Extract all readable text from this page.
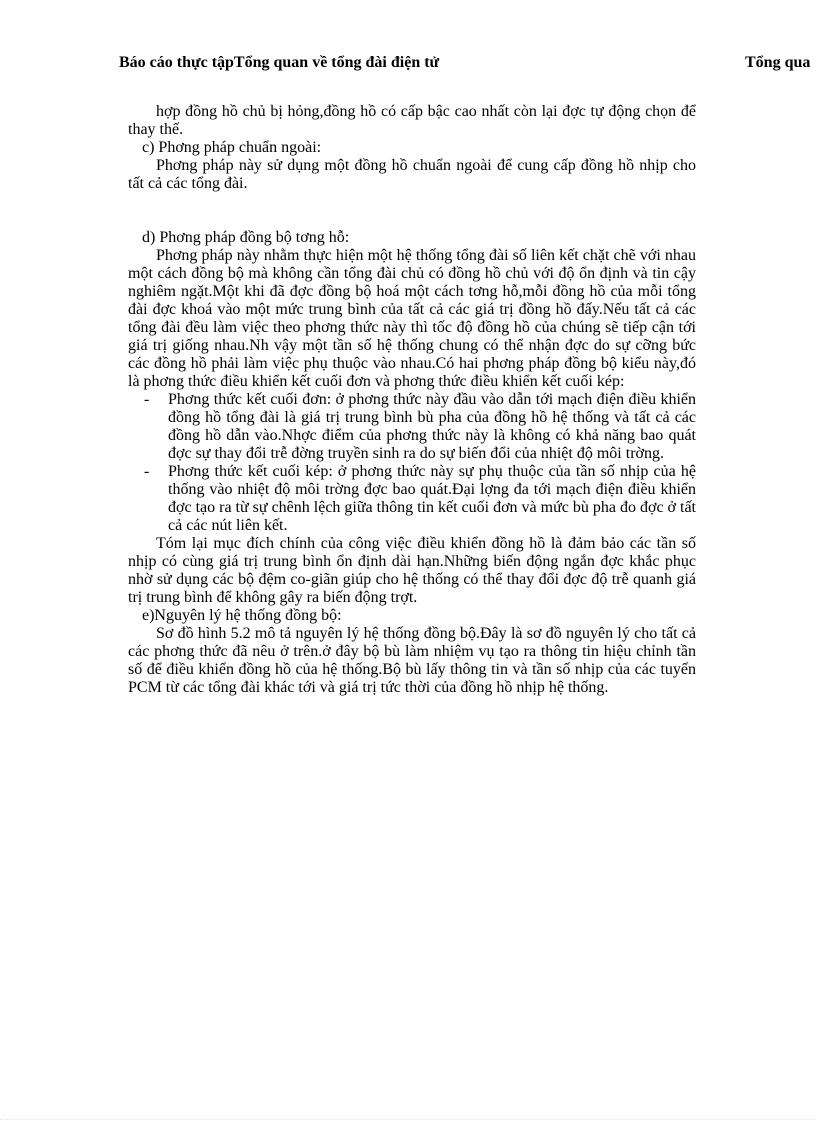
Báo cáo thực tậpTổng quan về tổng đài điện tử	Tổng qua

hợp đồng hồ chủ bị hỏng,đồng hồ có cấp bậc cao nhất còn lại đợc tự động chọn để thay thế.

c) Phơng pháp chuẩn ngoài:

Phơng pháp này sử dụng một đồng hồ chuẩn ngoài để cung cấp đồng hồ nhịp cho tất cả các tổng đài.

d) Phơng pháp đồng bộ tơng hỗ:

Phơng pháp này nhằm thực hiện một hệ thống tổng đài số liên kết chặt chẽ với nhau một cách đồng bộ mà không cần tổng đài chủ có đồng hồ chủ với độ ổn định và tin cậy nghiêm ngặt.Một khi đã đợc đồng bộ hoá một cách tơng hỗ,mỗi đồng hồ của mỗi tổng đài đợc khoá vào một mức trung bình của tất cả các giá trị đồng hồ đấy.Nếu tất cả các tổng đài đều làm việc theo phơng thức này thì tốc độ đồng hồ của chúng sẽ tiếp cận tới giá trị giống nhau.Nh vậy một tần số hệ thống chung có thể nhận đợc do sự cỡng bức các đồng hồ phải làm việc phụ thuộc vào nhau.Có hai phơng pháp đồng bộ kiểu này,đó là phơng thức điều khiển kết cuối đơn và phơng thức điều khiển kết cuối kép:

- Phơng thức kết cuối đơn: ở phơng thức này đầu vào dẫn tới mạch điện điều khiển đồng hồ tổng đài là giá trị trung bình bù pha của đồng hồ hệ thống và tất cả các đồng hồ dẫn vào.Nhợc điểm của phơng thức này là không có khả năng bao quát đợc sự thay đổi trễ đờng truyền sinh ra do sự biến đổi của nhiệt độ môi trờng.
- Phơng thức kết cuối kép: ở phơng thức này sự phụ thuộc của tần số nhịp của hệ thống vào nhiệt độ môi trờng đợc bao quát.Đại lợng đa tới mạch điện điều khiển đợc tạo ra từ sự chênh lệch giữa thông tin kết cuối đơn và mức bù pha đo đợc ở tất cả các nút liên kết.

Tóm lại mục đích chính của công việc điều khiển đồng hồ là đảm bảo các tần số nhịp có cùng giá trị trung bình ổn định dài hạn.Những biến động ngắn đợc khắc phục nhờ sử dụng các bộ đệm co-giãn giúp cho hệ thống có thể thay đổi đợc độ trễ quanh giá trị trung bình để không gây ra biến động trợt.

e)Nguyên lý hệ thống đồng bộ:

Sơ đồ hình 5.2 mô tả nguyên lý hệ thống đồng bộ.Đây là sơ đồ nguyên lý cho tất cả các phơng thức đã nêu ở trên.ở đây bộ bù làm nhiệm vụ tạo ra thông tin hiệu chỉnh tần số để điều khiển đồng hồ của hệ thống.Bộ bù lấy thông tin và tần số nhịp của các tuyến PCM từ các tổng đài khác tới và giá trị tức thời của đồng hồ nhịp hệ thống.
